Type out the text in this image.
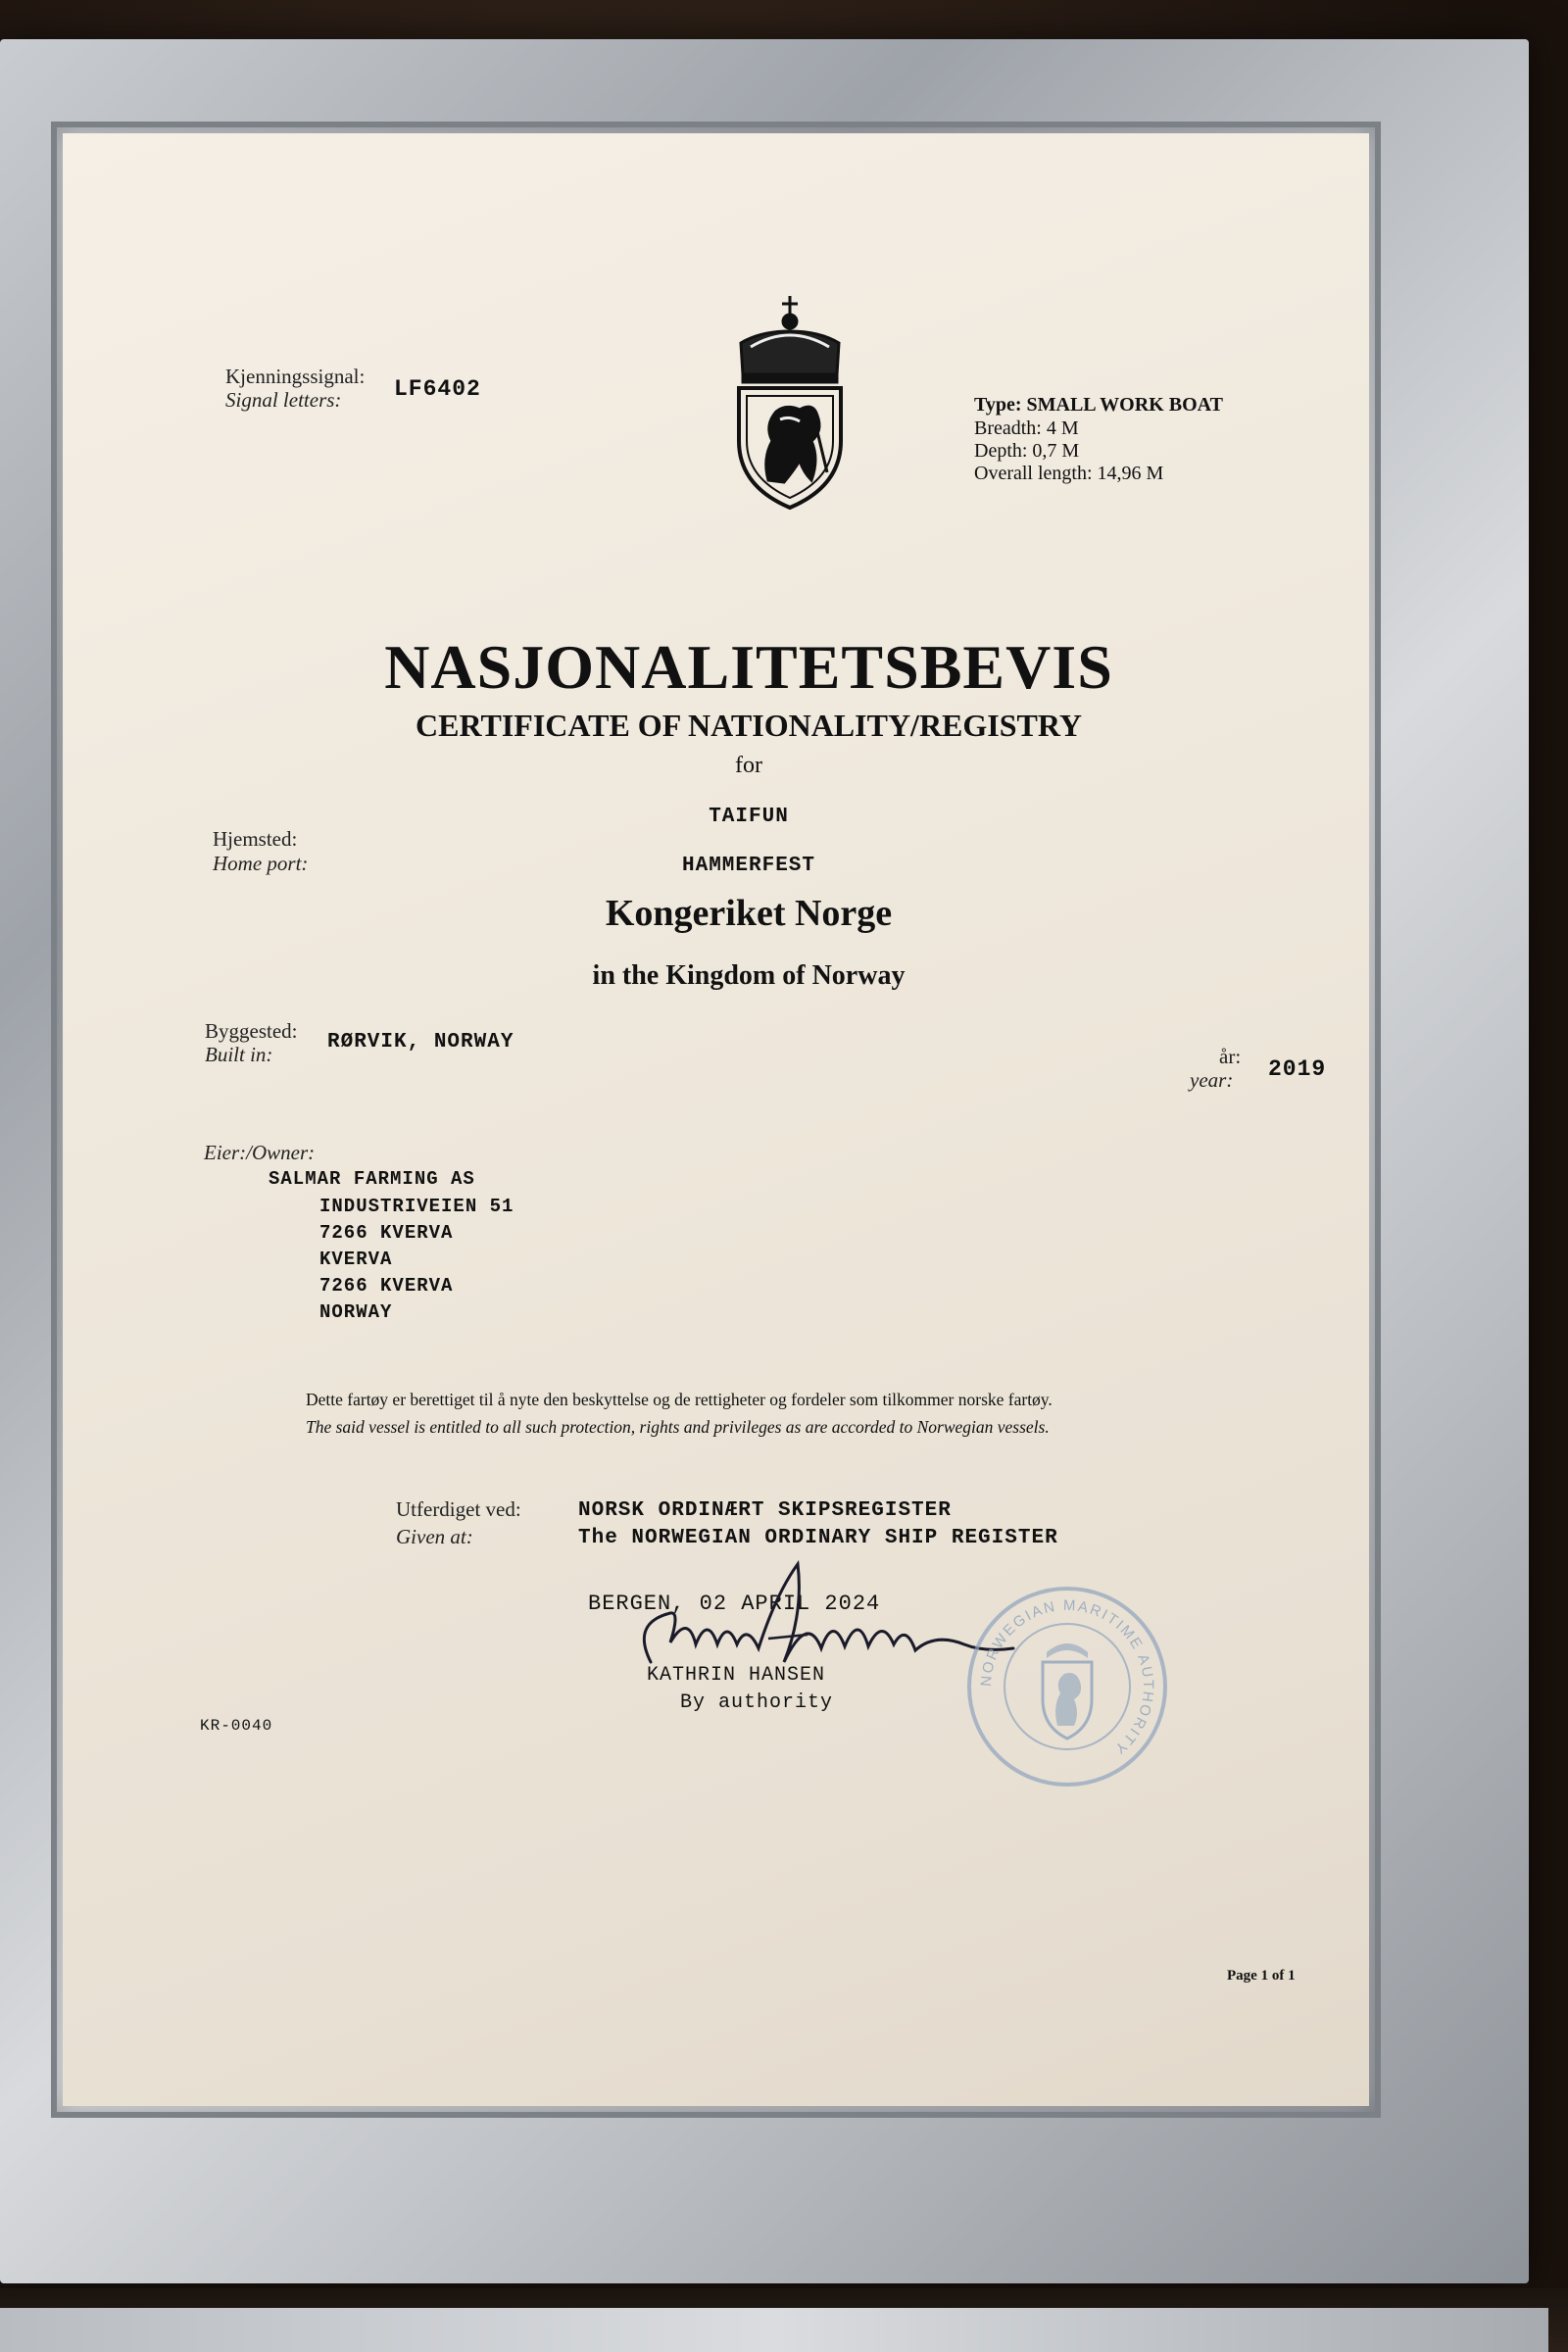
Kjenningssignal:
Signal letters: LF6402
Type: SMALL WORK BOAT
Breadth: 4 M
Depth: 0,7 M
Overall length: 14,96 M
NASJONALITETSBEVIS
CERTIFICATE OF NATIONALITY/REGISTRY
for
TAIFUN
Hjemsted:
Home port:	HAMMERFEST
Kongeriket Norge
in the Kingdom of Norway
Byggested:
Built in:
RØRVIK, NORWAY
år:
year: 2019
Eier:/Owner:
SALMAR FARMING AS
INDUSTRIVEIEN 51
7266 KVERVA
KVERVA
7266 KVERVA
NORWAY
Dette fartøy er berettiget til å nyte den beskyttelse og de rettigheter og fordeler som tilkommer norske fartøy.
The said vessel is entitled to all such protection, rights and privileges as are accorded to Norwegian vessels.
Utferdiget ved:
Given at:
NORSK ORDINÆRT SKIPSREGISTER
The NORWEGIAN ORDINARY SHIP REGISTER
BERGEN, 02 APRIL 2024
KATHRIN HANSEN
By authority
NORWEGIAN MARITIME AUTHORITY
KR-0040
Page 1 of 1
